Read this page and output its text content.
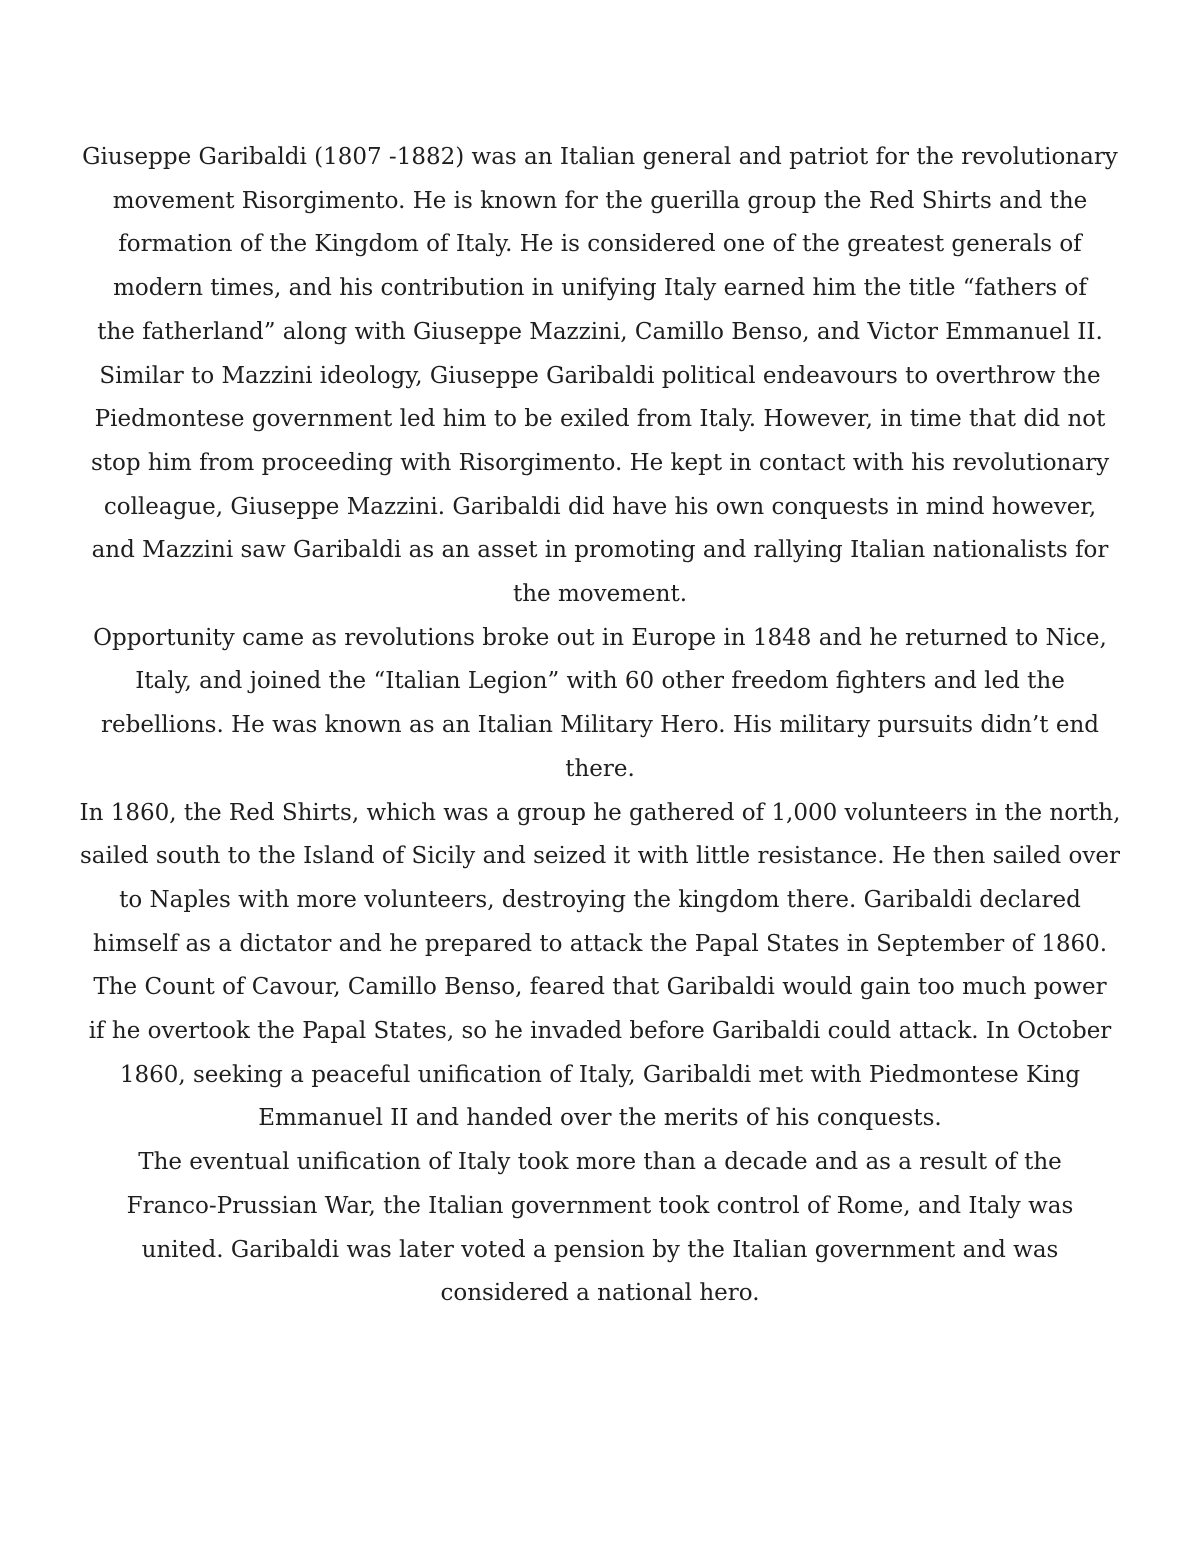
Giuseppe Garibaldi (1807 -1882) was an Italian general and patriot for the revolutionary
movement Risorgimento. He is known for the guerilla group the Red Shirts and the
formation of the Kingdom of Italy. He is considered one of the greatest generals of
modern times, and his contribution in unifying Italy earned him the title “fathers of
the fatherland” along with Giuseppe Mazzini, Camillo Benso, and Victor Emmanuel II.
Similar to Mazzini ideology, Giuseppe Garibaldi political endeavours to overthrow the
Piedmontese government led him to be exiled from Italy. However, in time that did not
stop him from proceeding with Risorgimento. He kept in contact with his revolutionary
colleague, Giuseppe Mazzini. Garibaldi did have his own conquests in mind however,
and Mazzini saw Garibaldi as an asset in promoting and rallying Italian nationalists for
the movement.

Opportunity came as revolutions broke out in Europe in 1848 and he returned to Nice,
Italy, and joined the “Italian Legion” with 60 other freedom fighters and led the
rebellions. He was known as an Italian Military Hero. His military pursuits didn’t end
there.

In 1860, the Red Shirts, which was a group he gathered of 1,000 volunteers in the north,
sailed south to the Island of Sicily and seized it with little resistance. He then sailed over
to Naples with more volunteers, destroying the kingdom there. Garibaldi declared
himself as a dictator and he prepared to attack the Papal States in September of 1860.
The Count of Cavour, Camillo Benso, feared that Garibaldi would gain too much power
if he overtook the Papal States, so he invaded before Garibaldi could attack. In October
1860, seeking a peaceful unification of Italy, Garibaldi met with Piedmontese King
Emmanuel II and handed over the merits of his conquests.

The eventual unification of Italy took more than a decade and as a result of the
Franco-Prussian War, the Italian government took control of Rome, and Italy was
united. Garibaldi was later voted a pension by the Italian government and was
considered a national hero.
